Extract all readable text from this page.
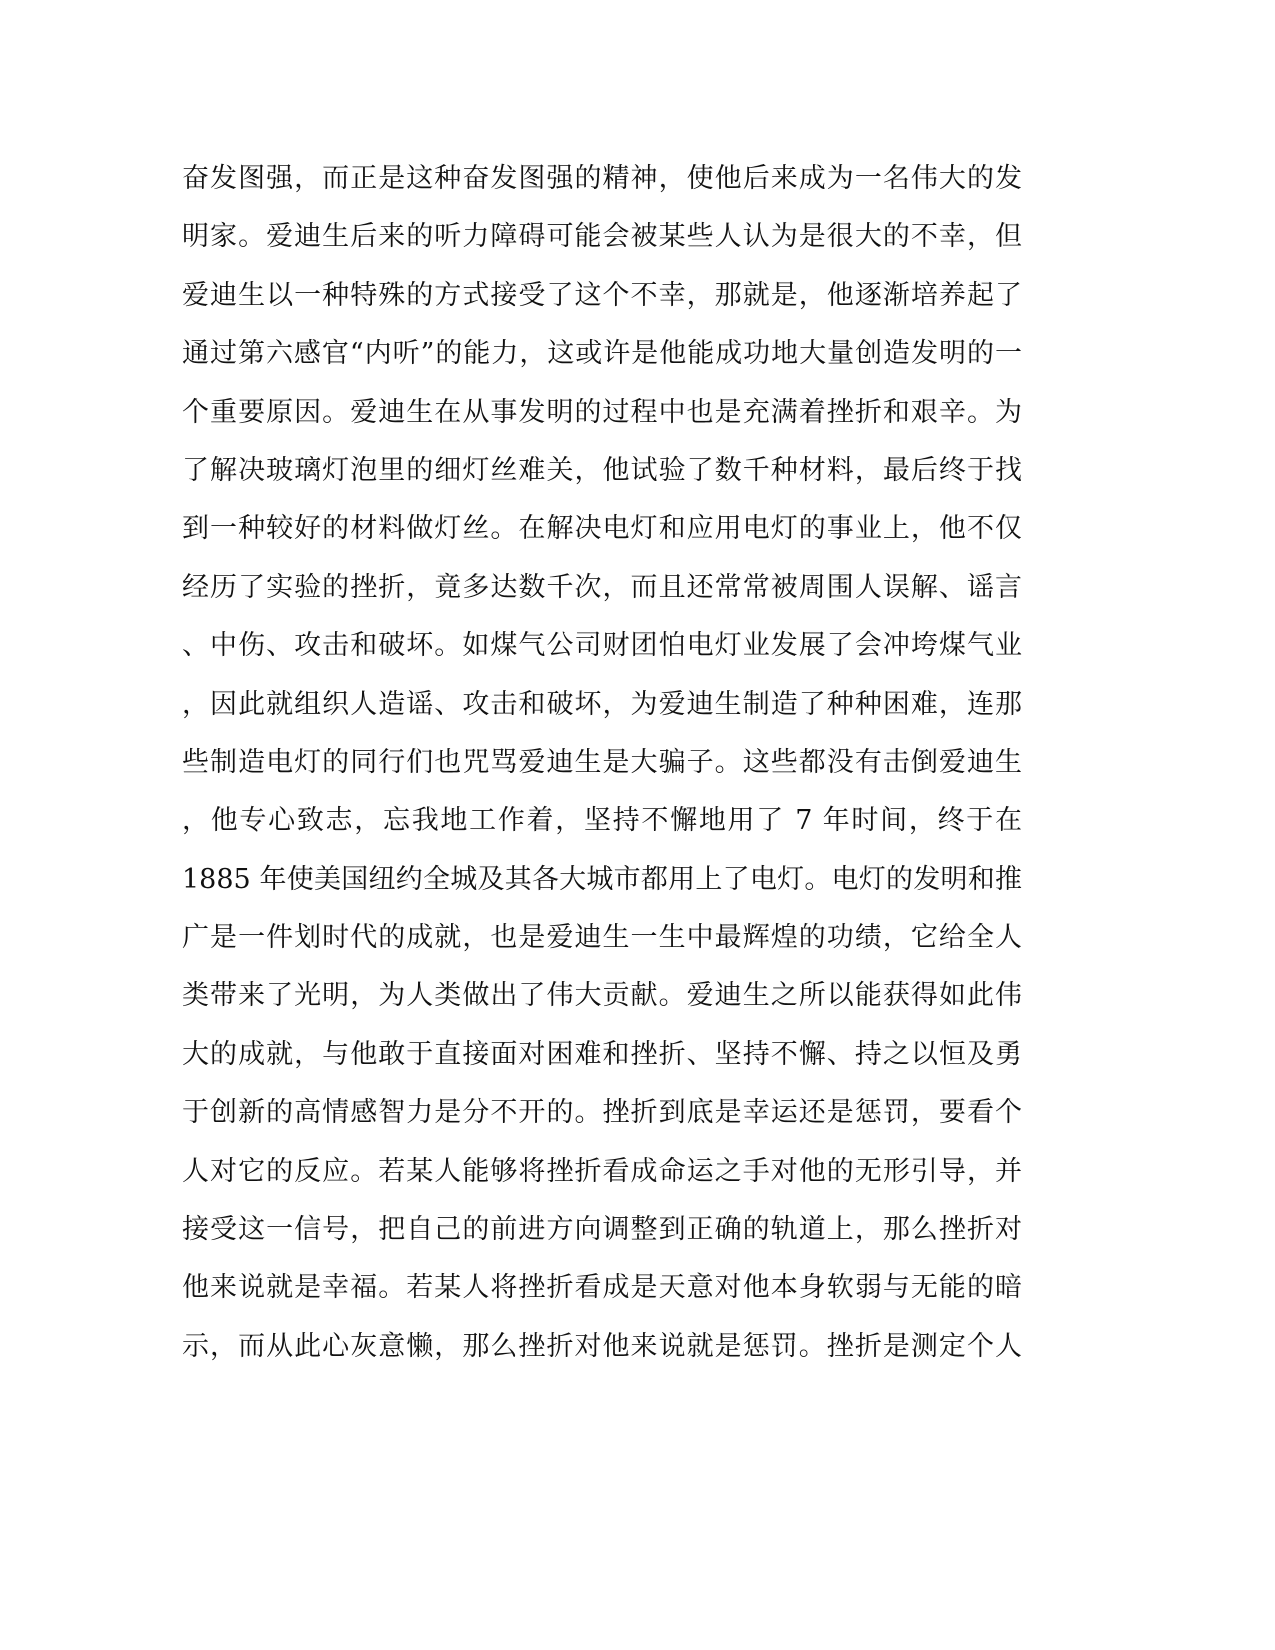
奋发图强，而正是这种奋发图强的精神，使他后来成为一名伟大的发
明家。爱迪生后来的听力障碍可能会被某些人认为是很大的不幸，但
爱迪生以一种特殊的方式接受了这个不幸，那就是，他逐渐培养起了
通过第六感官“内听”的能力，这或许是他能成功地大量创造发明的一
个重要原因。爱迪生在从事发明的过程中也是充满着挫折和艰辛。为
了解决玻璃灯泡里的细灯丝难关，他试验了数千种材料，最后终于找
到一种较好的材料做灯丝。在解决电灯和应用电灯的事业上，他不仅
经历了实验的挫折，竟多达数千次，而且还常常被周围人误解、谣言
、中伤、攻击和破坏。如煤气公司财团怕电灯业发展了会冲垮煤气业
，因此就组织人造谣、攻击和破坏，为爱迪生制造了种种困难，连那
些制造电灯的同行们也咒骂爱迪生是大骗子。这些都没有击倒爱迪生
，他专心致志，忘我地工作着，坚持不懈地用了 7 年时间，终于在
1885 年使美国纽约全城及其各大城市都用上了电灯。电灯的发明和推
广是一件划时代的成就，也是爱迪生一生中最辉煌的功绩，它给全人
类带来了光明，为人类做出了伟大贡献。爱迪生之所以能获得如此伟
大的成就，与他敢于直接面对困难和挫折、坚持不懈、持之以恒及勇
于创新的高情感智力是分不开的。挫折到底是幸运还是惩罚，要看个
人对它的反应。若某人能够将挫折看成命运之手对他的无形引导，并
接受这一信号，把自己的前进方向调整到正确的轨道上，那么挫折对
他来说就是幸福。若某人将挫折看成是天意对他本身软弱与无能的暗
示，而从此心灰意懒，那么挫折对他来说就是惩罚。挫折是测定个人
